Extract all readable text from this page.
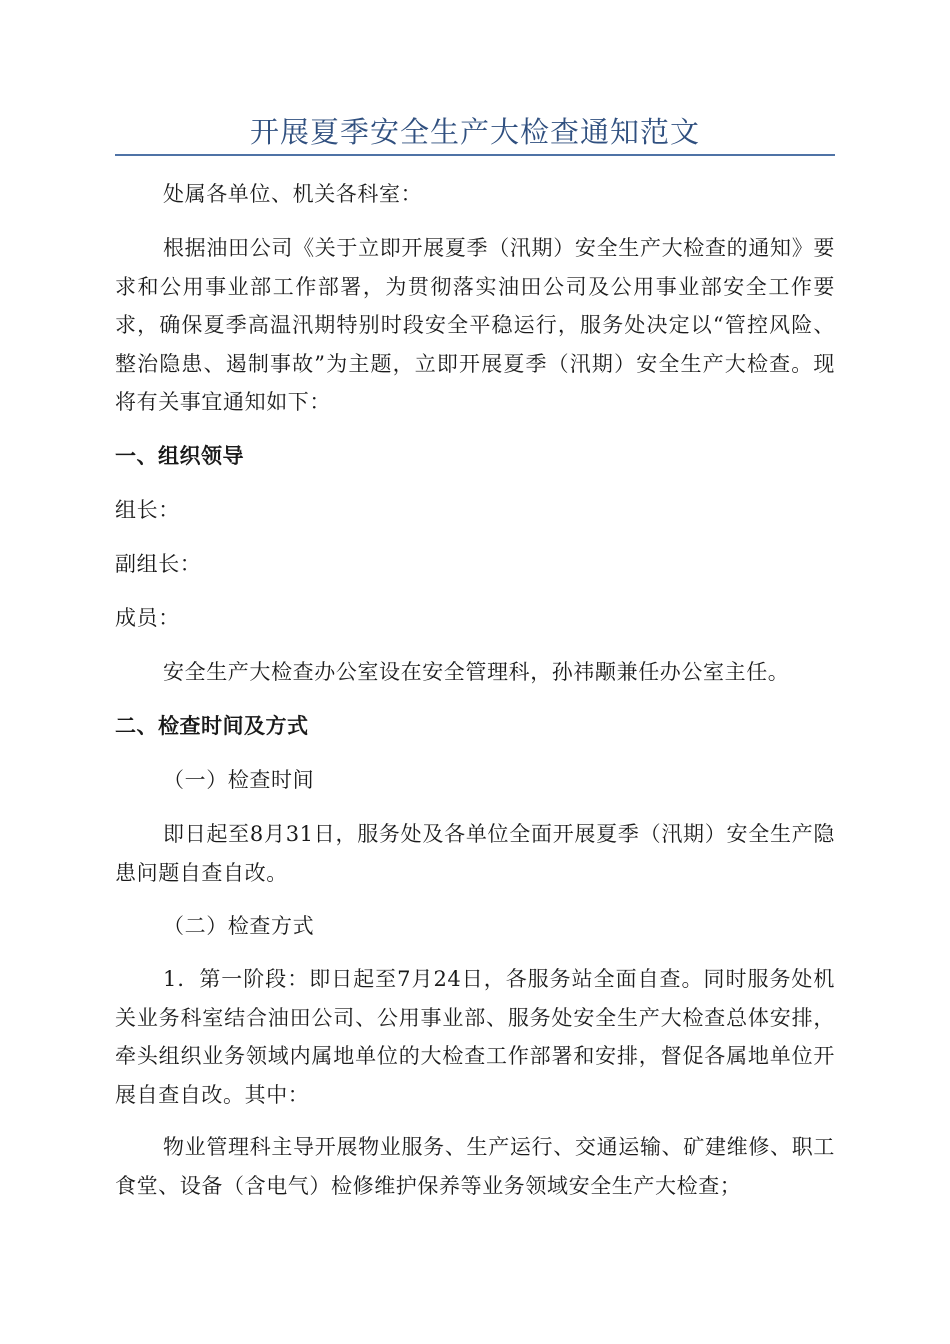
开展夏季安全生产大检查通知范文

处属各单位、机关各科室：

根据油田公司《关于立即开展夏季（汛期）安全生产大检查的通知》要求和公用事业部工作部署，为贯彻落实油田公司及公用事业部安全工作要求，确保夏季高温汛期特别时段安全平稳运行，服务处决定以“管控风险、整治隐患、遏制事故”为主题，立即开展夏季（汛期）安全生产大检查。现将有关事宜通知如下：

一、组织领导

组长：

副组长：

成员：

安全生产大检查办公室设在安全管理科，孙祎颙兼任办公室主任。

二、检查时间及方式

（一）检查时间

即日起至8月31日，服务处及各单位全面开展夏季（汛期）安全生产隐患问题自查自改。

（二）检查方式

1．第一阶段：即日起至7月24日，各服务站全面自查。同时服务处机关业务科室结合油田公司、公用事业部、服务处安全生产大检查总体安排，牵头组织业务领域内属地单位的大检查工作部署和安排，督促各属地单位开展自查自改。其中：

物业管理科主导开展物业服务、生产运行、交通运输、矿建维修、职工食堂、设备（含电气）检修维护保养等业务领域安全生产大检查；
